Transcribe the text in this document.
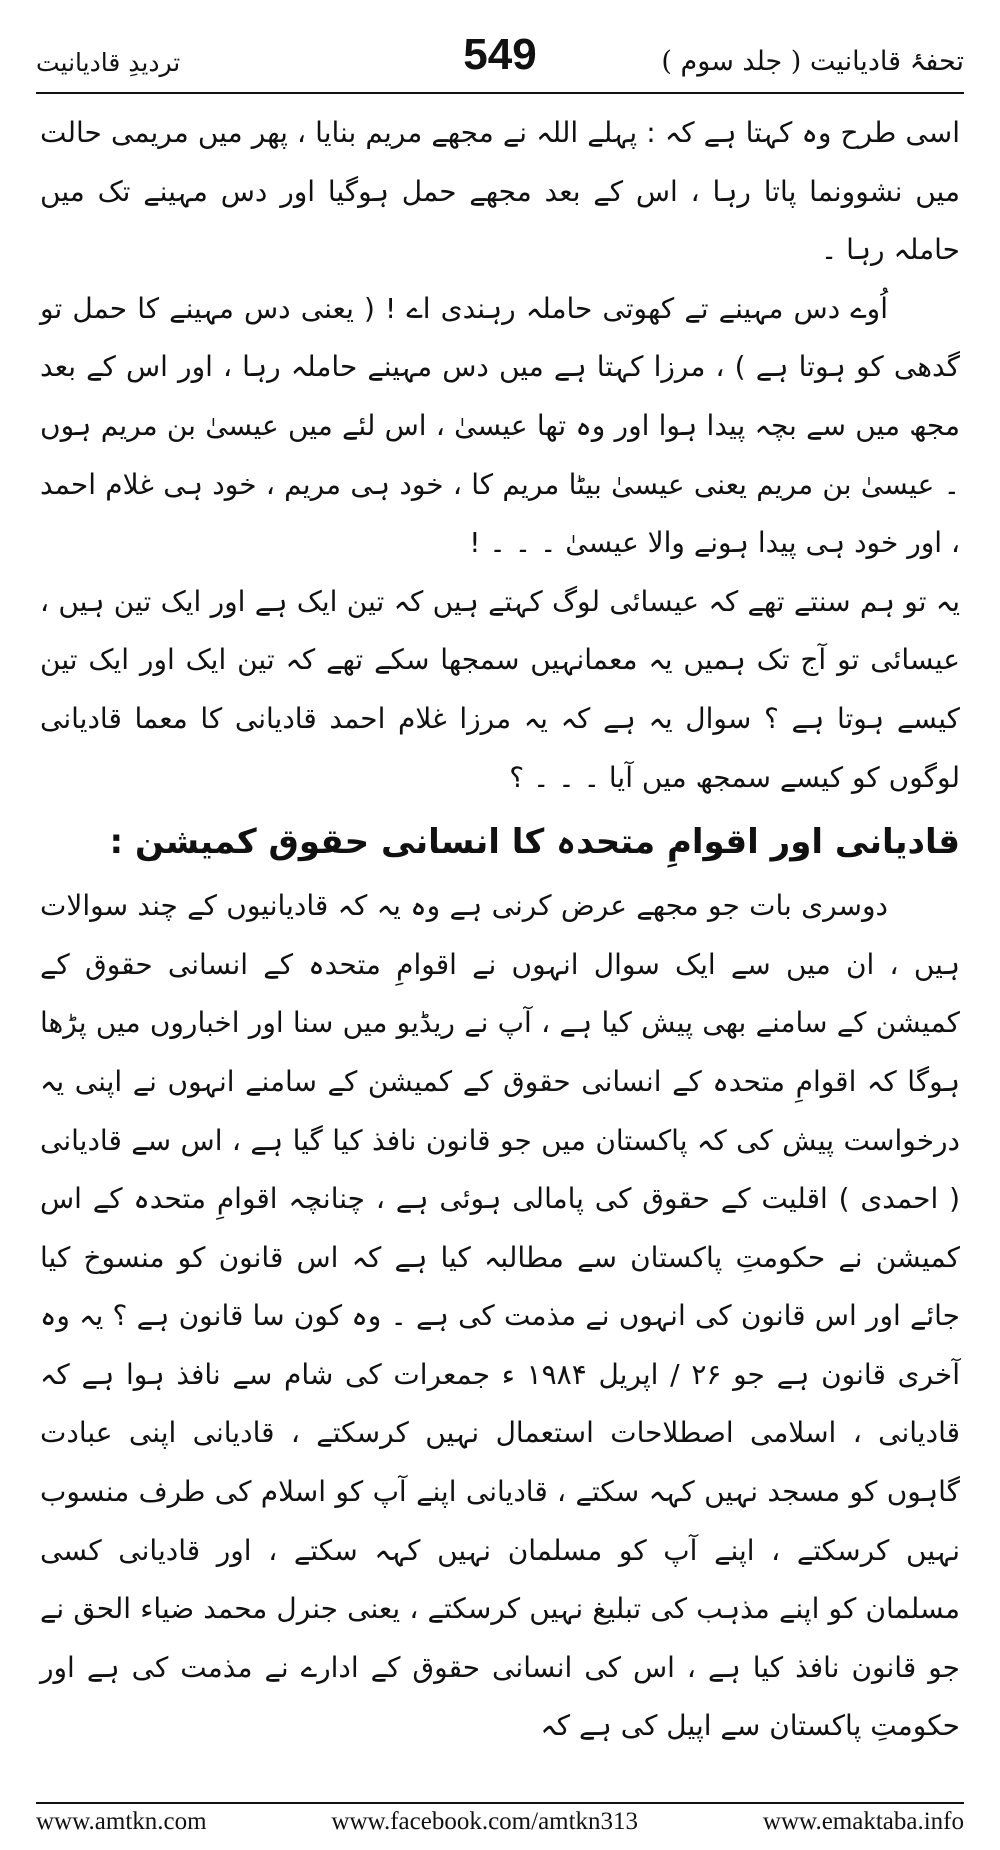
تردیدِ قادیانیت	549	تحفۂ قادیانیت ( جلد سوم )

اسی طرح وہ کہتا ہے کہ : پہلے اللہ نے مجھے مریم بنایا ، پھر میں مریمی حالت میں نشوونما پاتا رہا ، اس کے بعد مجھے حمل ہوگیا اور دس مہینے تک میں حاملہ رہا ۔

اُوے دس مہینے تے کھوتی حاملہ رہندی اے ! ( یعنی دس مہینے کا حمل تو گدھی کو ہوتا ہے ) ، مرزا کہتا ہے میں دس مہینے حاملہ رہا ، اور اس کے بعد مجھ میں سے بچہ پیدا ہوا اور وہ تھا عیسیٰ ، اس لئے میں عیسیٰ بن مریم ہوں ۔ عیسیٰ بن مریم یعنی عیسیٰ بیٹا مریم کا ، خود ہی مریم ، خود ہی غلام احمد ، اور خود ہی پیدا ہونے والا عیسیٰ ۔ ۔ ۔ !

یہ تو ہم سنتے تھے کہ عیسائی لوگ کہتے ہیں کہ تین ایک ہے اور ایک تین ہیں ، عیسائی تو آج تک ہمیں یہ معمانہیں سمجھا سکے تھے کہ تین ایک اور ایک تین کیسے ہوتا ہے ؟ سوال یہ ہے کہ یہ مرزا غلام احمد قادیانی کا معما قادیانی لوگوں کو کیسے سمجھ میں آیا ۔ ۔ ۔ ؟

قادیانی اور اقوامِ متحدہ کا انسانی حقوق کمیشن :

دوسری بات جو مجھے عرض کرنی ہے وہ یہ کہ قادیانیوں کے چند سوالات ہیں ، ان میں سے ایک سوال انہوں نے اقوامِ متحدہ کے انسانی حقوق کے کمیشن کے سامنے بھی پیش کیا ہے ، آپ نے ریڈیو میں سنا اور اخباروں میں پڑھا ہوگا کہ اقوامِ متحدہ کے انسانی حقوق کے کمیشن کے سامنے انہوں نے اپنی یہ درخواست پیش کی کہ پاکستان میں جو قانون نافذ کیا گیا ہے ، اس سے قادیانی ( احمدی ) اقلیت کے حقوق کی پامالی ہوئی ہے ، چنانچہ اقوامِ متحدہ کے اس کمیشن نے حکومتِ پاکستان سے مطالبہ کیا ہے کہ اس قانون کو منسوخ کیا جائے اور اس قانون کی انہوں نے مذمت کی ہے ۔ وہ کون سا قانون ہے ؟ یہ وہ آخری قانون ہے جو ۲۶ / اپریل ۱۹۸۴ ء جمعرات کی شام سے نافذ ہوا ہے کہ قادیانی ، اسلامی اصطلاحات استعمال نہیں کرسکتے ، قادیانی اپنی عبادت گاہوں کو مسجد نہیں کہہ سکتے ، قادیانی اپنے آپ کو اسلام کی طرف منسوب نہیں کرسکتے ، اپنے آپ کو مسلمان نہیں کہہ سکتے ، اور قادیانی کسی مسلمان کو اپنے مذہب کی تبلیغ نہیں کرسکتے ، یعنی جنرل محمد ضیاء الحق نے جو قانون نافذ کیا ہے ، اس کی انسانی حقوق کے ادارے نے مذمت کی ہے اور حکومتِ پاکستان سے اپیل کی ہے کہ

www.amtkn.com	www.facebook.com/amtkn313	www.emaktaba.info
